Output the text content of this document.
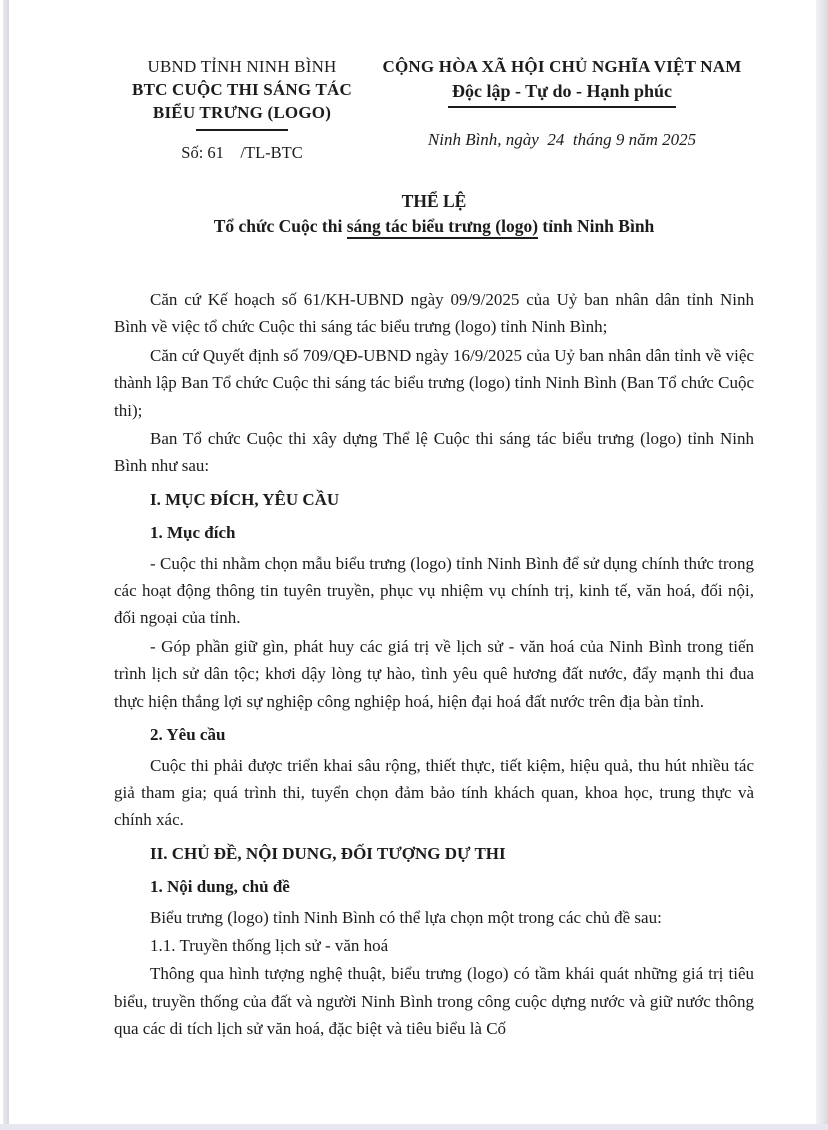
UBND TỈNH NINH BÌNH
BTC CUỘC THI SÁNG TÁC
BIỂU TRƯNG (LOGO)
Số: 61    /TL-BTC
CỘNG HÒA XÃ HỘI CHỦ NGHĨA VIỆT NAM
Độc lập - Tự do - Hạnh phúc
Ninh Bình, ngày  24  tháng 9 năm 2025
THỂ LỆ
Tổ chức Cuộc thi sáng tác biểu trưng (logo) tỉnh Ninh Bình

Căn cứ Kế hoạch số 61/KH-UBND ngày 09/9/2025 của Uỷ ban nhân dân tỉnh Ninh Bình về việc tổ chức Cuộc thi sáng tác biểu trưng (logo) tỉnh Ninh Bình;

Căn cứ Quyết định số 709/QĐ-UBND ngày 16/9/2025 của Uỷ ban nhân dân tỉnh về việc thành lập Ban Tổ chức Cuộc thi sáng tác biểu trưng (logo) tỉnh Ninh Bình (Ban Tổ chức Cuộc thi);

Ban Tổ chức Cuộc thi xây dựng Thể lệ Cuộc thi sáng tác biểu trưng (logo) tỉnh Ninh Bình như sau:

I. MỤC ĐÍCH, YÊU CẦU

1. Mục đích

- Cuộc thi nhằm chọn mẫu biểu trưng (logo) tỉnh Ninh Bình để sử dụng chính thức trong các hoạt động thông tin tuyên truyền, phục vụ nhiệm vụ chính trị, kinh tế, văn hoá, đối nội, đối ngoại của tỉnh.

- Góp phần giữ gìn, phát huy các giá trị về lịch sử - văn hoá của Ninh Bình trong tiến trình lịch sử dân tộc; khơi dậy lòng tự hào, tình yêu quê hương đất nước, đẩy mạnh thi đua thực hiện thắng lợi sự nghiệp công nghiệp hoá, hiện đại hoá đất nước trên địa bàn tỉnh.

2. Yêu cầu

Cuộc thi phải được triển khai sâu rộng, thiết thực, tiết kiệm, hiệu quả, thu hút nhiều tác giả tham gia; quá trình thi, tuyển chọn đảm bảo tính khách quan, khoa học, trung thực và chính xác.

II. CHỦ ĐỀ, NỘI DUNG, ĐỐI TƯỢNG DỰ THI

1. Nội dung, chủ đề

Biểu trưng (logo) tỉnh Ninh Bình có thể lựa chọn một trong các chủ đề sau:

1.1. Truyền thống lịch sử - văn hoá

Thông qua hình tượng nghệ thuật, biểu trưng (logo) có tầm khái quát những giá trị tiêu biểu, truyền thống của đất và người Ninh Bình trong công cuộc dựng nước và giữ nước thông qua các di tích lịch sử văn hoá, đặc biệt và tiêu biểu là Cố
